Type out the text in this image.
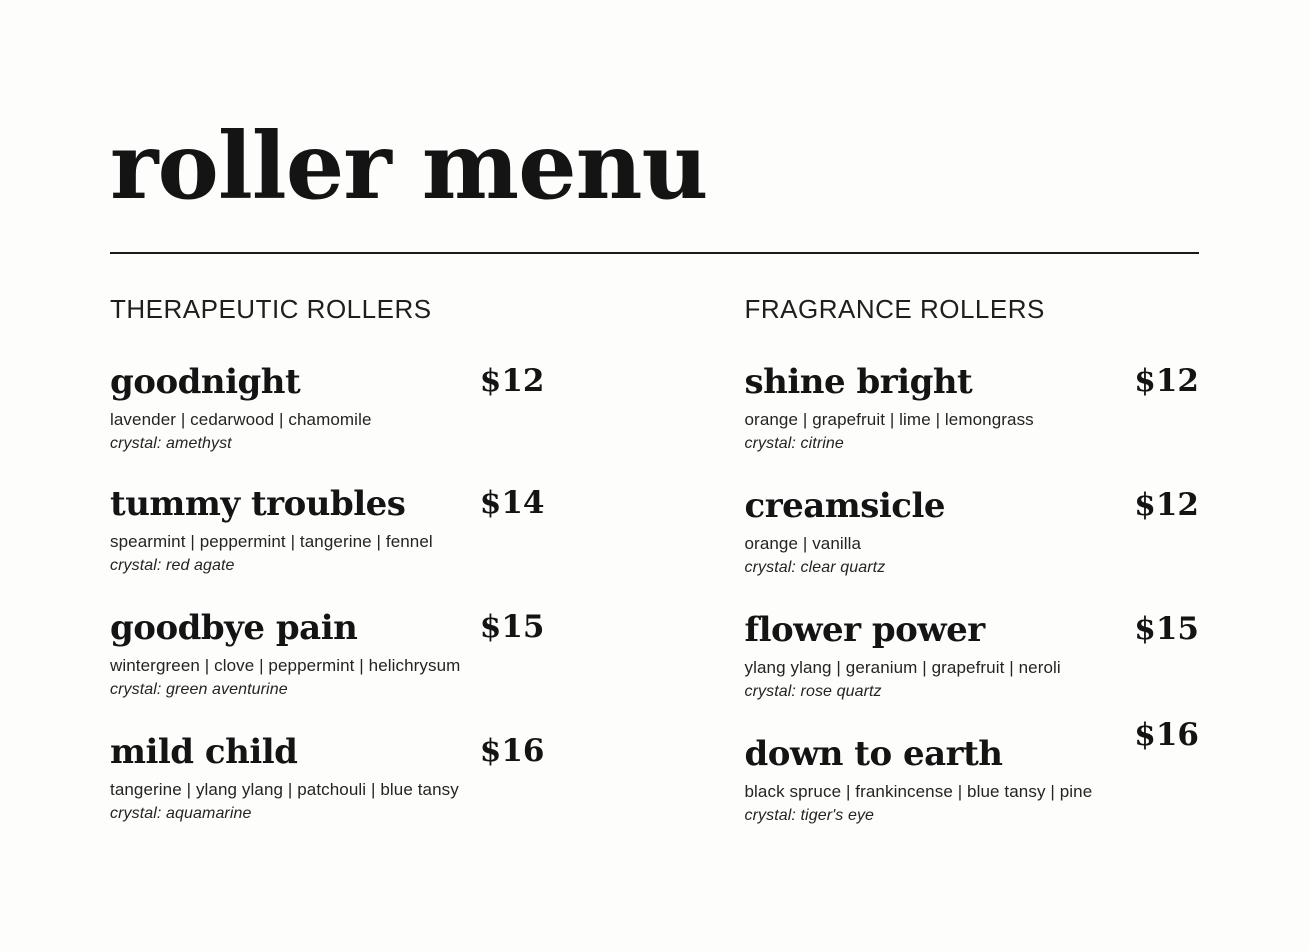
roller menu
THERAPEUTIC ROLLERS
goodnight	$12
lavender | cedarwood | chamomile
crystal: amethyst
tummy troubles $14
spearmint | peppermint | tangerine | fennel
crystal: red agate
goodbye pain	$15
wintergreen | clove | peppermint | helichrysum
crystal: green aventurine
mild child	$16
tangerine | ylang ylang | patchouli | blue tansy
crystal: aquamarine
FRAGRANCE ROLLERS
shine bright	$12
orange | grapefruit | lime | lemongrass
crystal: citrine
creamsicle	$12
orange | vanilla
crystal: clear quartz
flower power	$15
ylang ylang | geranium | grapefruit | neroli
crystal: rose quartz
down to earth	$16
black spruce | frankincense | blue tansy | pine
crystal: tiger's eye
